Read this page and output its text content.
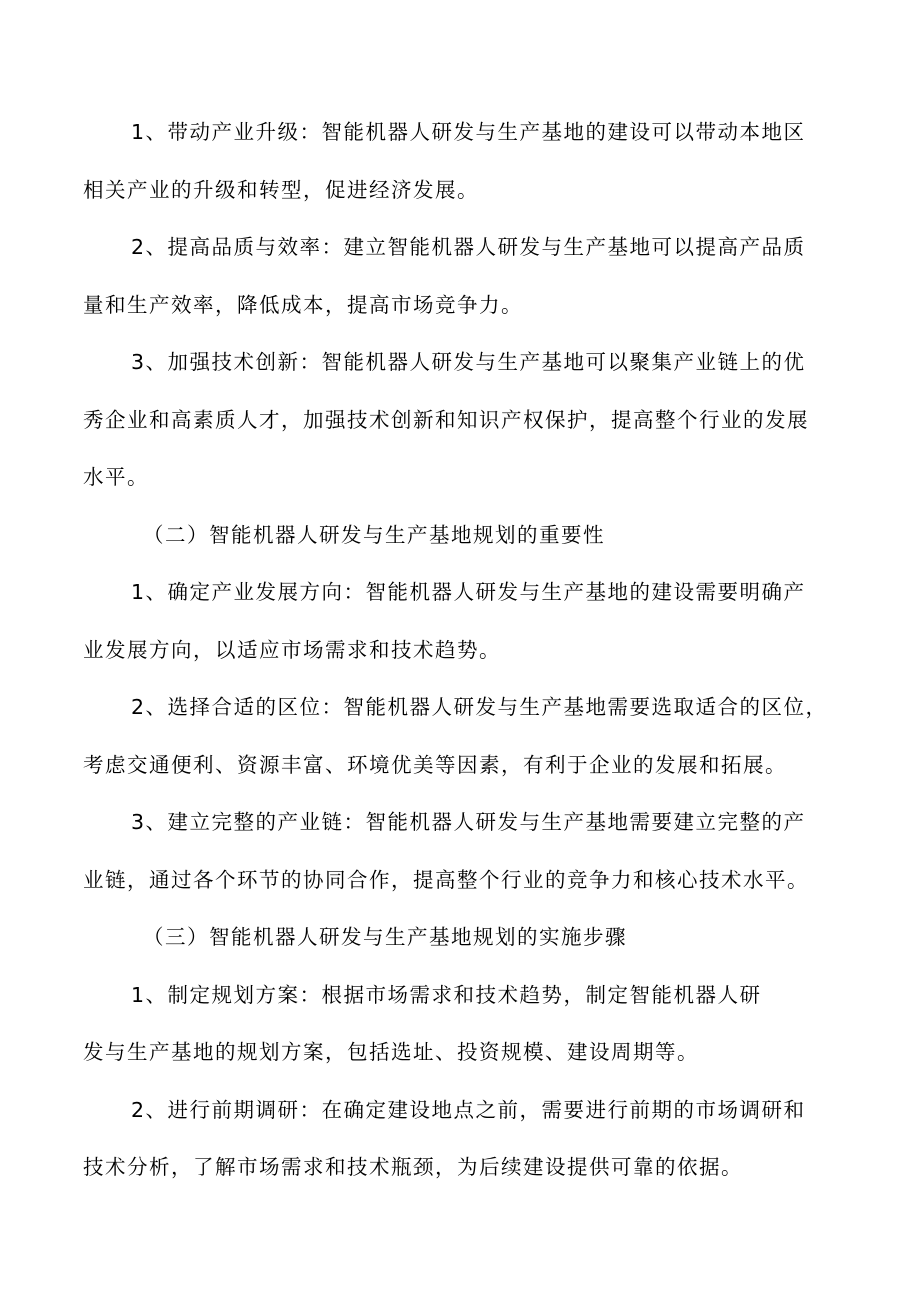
1、带动产业升级：智能机器人研发与生产基地的建设可以带动本地区
相关产业的升级和转型，促进经济发展。
2、提高品质与效率：建立智能机器人研发与生产基地可以提高产品质
量和生产效率，降低成本，提高市场竞争力。
3、加强技术创新：智能机器人研发与生产基地可以聚集产业链上的优
秀企业和高素质人才，加强技术创新和知识产权保护，提高整个行业的发展
水平。
（二）智能机器人研发与生产基地规划的重要性
1、确定产业发展方向：智能机器人研发与生产基地的建设需要明确产
业发展方向，以适应市场需求和技术趋势。
2、选择合适的区位：智能机器人研发与生产基地需要选取适合的区位，
考虑交通便利、资源丰富、环境优美等因素，有利于企业的发展和拓展。
3、建立完整的产业链：智能机器人研发与生产基地需要建立完整的产
业链，通过各个环节的协同合作，提高整个行业的竞争力和核心技术水平。
（三）智能机器人研发与生产基地规划的实施步骤
1、制定规划方案：根据市场需求和技术趋势，制定智能机器人研
发与生产基地的规划方案，包括选址、投资规模、建设周期等。
2、进行前期调研：在确定建设地点之前，需要进行前期的市场调研和
技术分析，了解市场需求和技术瓶颈，为后续建设提供可靠的依据。
